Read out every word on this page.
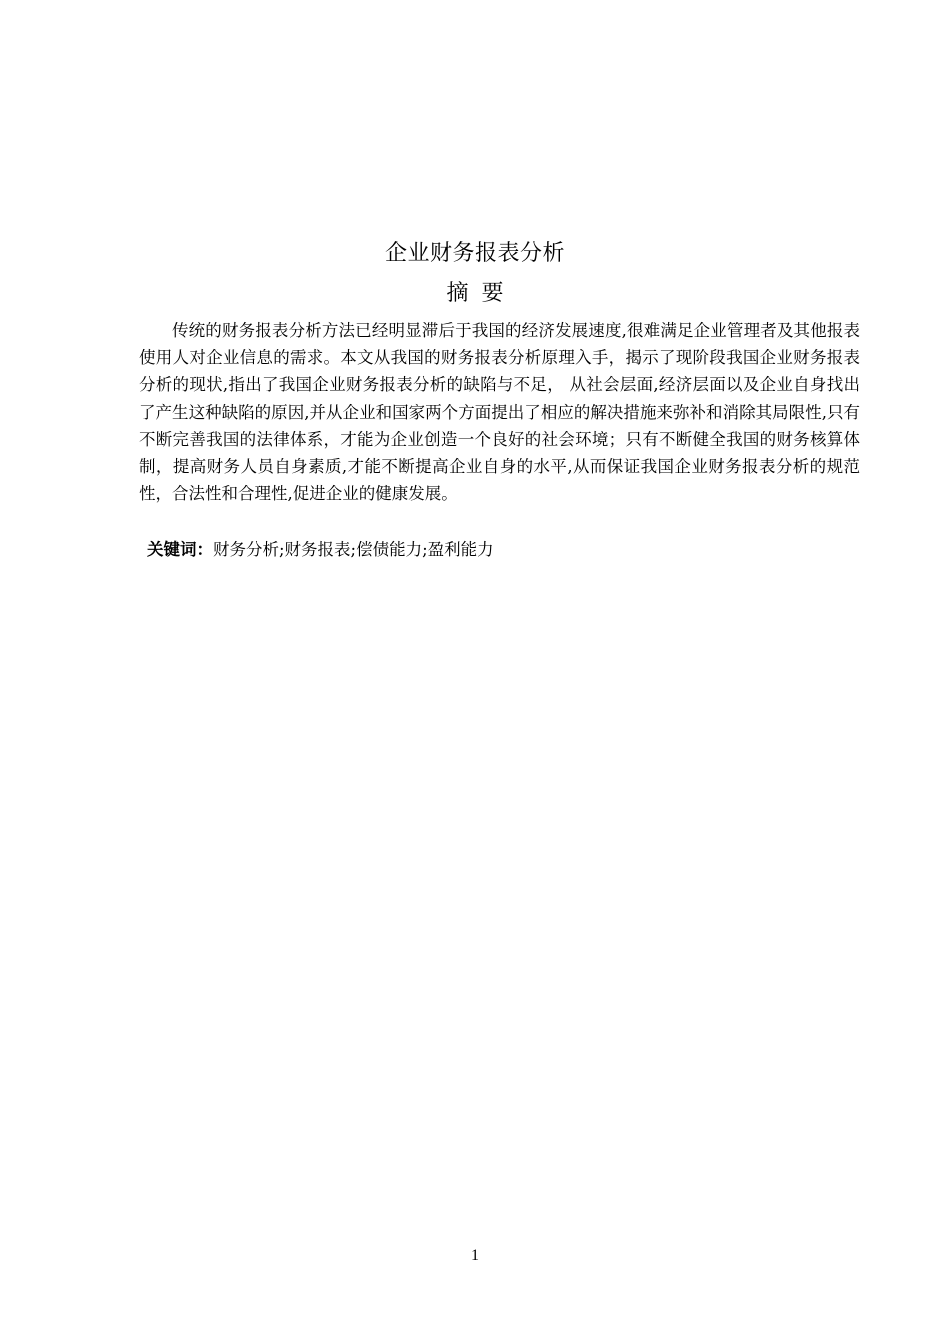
企业财务报表分析
摘 要

传统的财务报表分析方法已经明显滞后于我国的经济发展速度,很难满足企业管理者及其他报表使用人对企业信息的需求。本文从我国的财务报表分析原理入手，揭示了现阶段我国企业财务报表分析的现状,指出了我国企业财务报表分析的缺陷与不足， 从社会层面,经济层面以及企业自身找出了产生这种缺陷的原因,并从企业和国家两个方面提出了相应的解决措施来弥补和消除其局限性,只有不断完善我国的法律体系，才能为企业创造一个良好的社会环境；只有不断健全我国的财务核算体制，提高财务人员自身素质,才能不断提高企业自身的水平,从而保证我国企业财务报表分析的规范性，合法性和合理性,促进企业的健康发展。

关键词：财务分析;财务报表;偿债能力;盈利能力
1
